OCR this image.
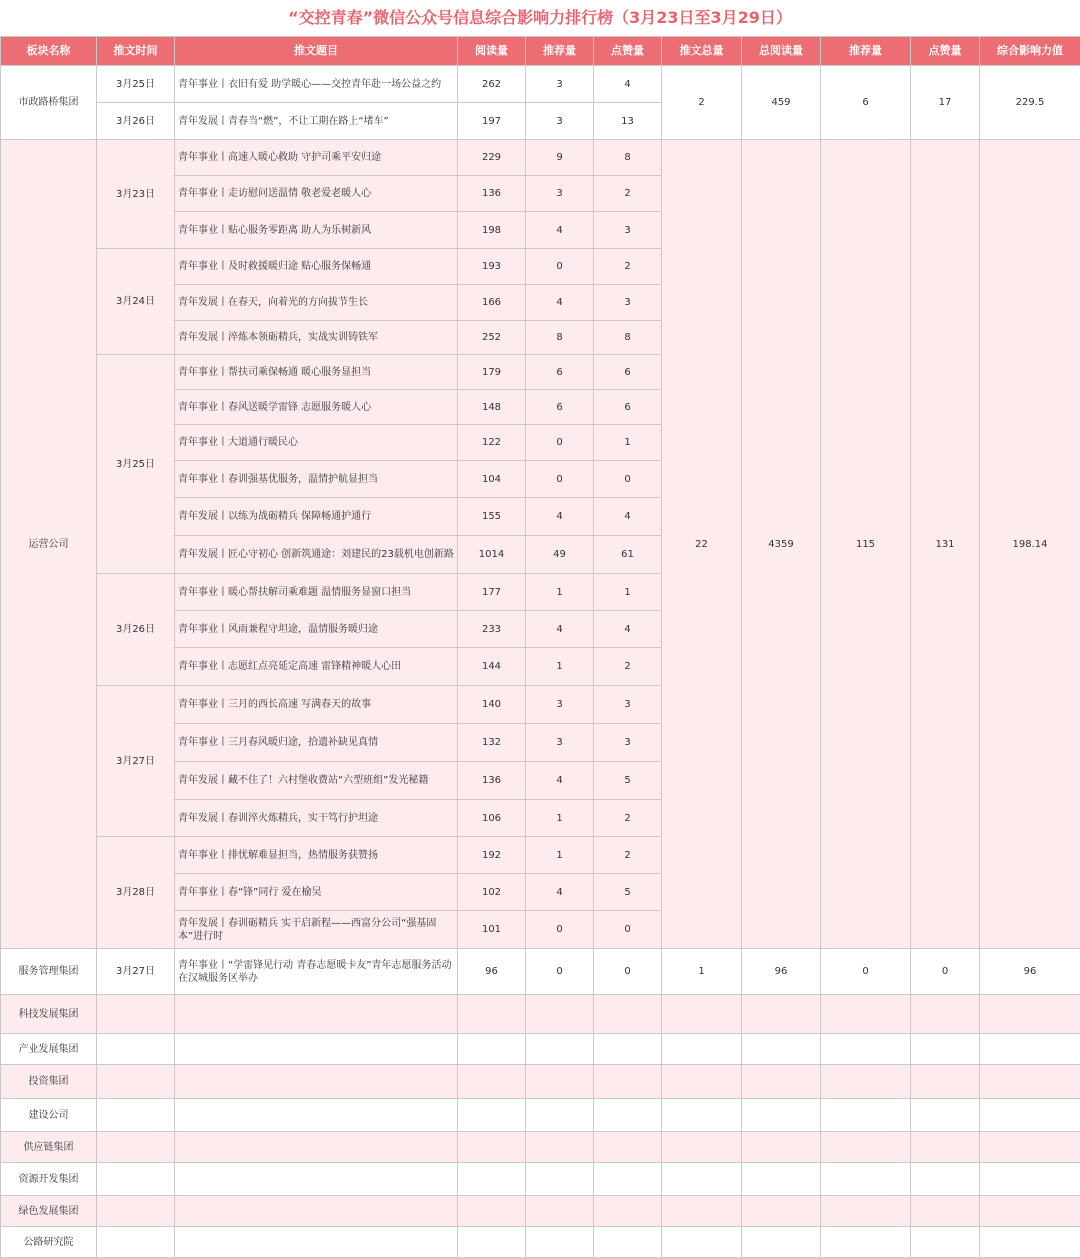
“交控青春”微信公众号信息综合影响力排行榜（3月23日至3月29日）
板块名称	推文时间	推文题目	阅读量	推荐量	点赞量	推文总量	总阅读量	推荐量	点赞量	综合影响力值
市政路桥集团	3月25日	青年事业丨衣旧有爱 助学暖心——交控青年赴一场公益之约	262	3	4	2	459	6	17	229.5
	3月26日	青年发展丨青春当“燃”，不让工期在路上“堵车”	197	3	13					
运营公司	3月23日	青年事业丨高速人暖心救助 守护司乘平安归途	229	9	8	22	4359	115	131	198.14
		青年事业丨走访慰问送温情 敬老爱老暖人心	136	3	2					
		青年事业丨贴心服务零距离 助人为乐树新风	198	4	3					
	3月24日	青年事业丨及时救援暖归途 贴心服务保畅通	193	0	2					
		青年发展丨在春天，向着光的方向拔节生长	166	4	3					
		青年发展丨淬炼本领砺精兵，实战实训铸铁军	252	8	8					
	3月25日	青年事业丨帮扶司乘保畅通 暖心服务显担当	179	6	6					
		青年事业丨春风送暖学雷锋 志愿服务暖人心	148	6	6					
		青年事业丨大道通行暖民心	122	0	1					
		青年事业丨春训强基优服务，温情护航显担当	104	0	0					
		青年发展丨以练为战砺精兵 保障畅通护通行	155	4	4					
		青年发展丨匠心守初心 创新筑通途：刘建民的23载机电创新路	1014	49	61					
	3月26日	青年事业丨暖心帮扶解司乘难题 温情服务显窗口担当	177	1	1					
		青年事业丨风雨兼程守坦途，温情服务暖归途	233	4	4					
		青年事业丨志愿红点亮延定高速 雷锋精神暖人心田	144	1	2					
	3月27日	青年事业丨三月的西长高速 写满春天的故事	140	3	3					
		青年事业丨三月春风暖归途，拾遗补缺见真情	132	3	3					
		青年发展丨藏不住了！六村堡收费站“六型班组”发光秘籍	136	4	5					
		青年发展丨春训淬火炼精兵，实干笃行护坦途	106	1	2					
	3月28日	青年事业丨排忧解难显担当，热情服务获赞扬	192	1	2					
		青年事业丨春“锋”同行 爱在榆吴	102	4	5					
		青年发展丨春训砺精兵 实干启新程——西富分公司“强基固本”进行时	101	0	0					
服务管理集团	3月27日	青年事业丨“学雷锋见行动 青春志愿暖卡友”青年志愿服务活动在汉城服务区举办	96	0	0	1	96	0	0	96
科技发展集团										
产业发展集团										
投资集团										
建设公司										
供应链集团										
资源开发集团										
绿色发展集团										
公路研究院										
